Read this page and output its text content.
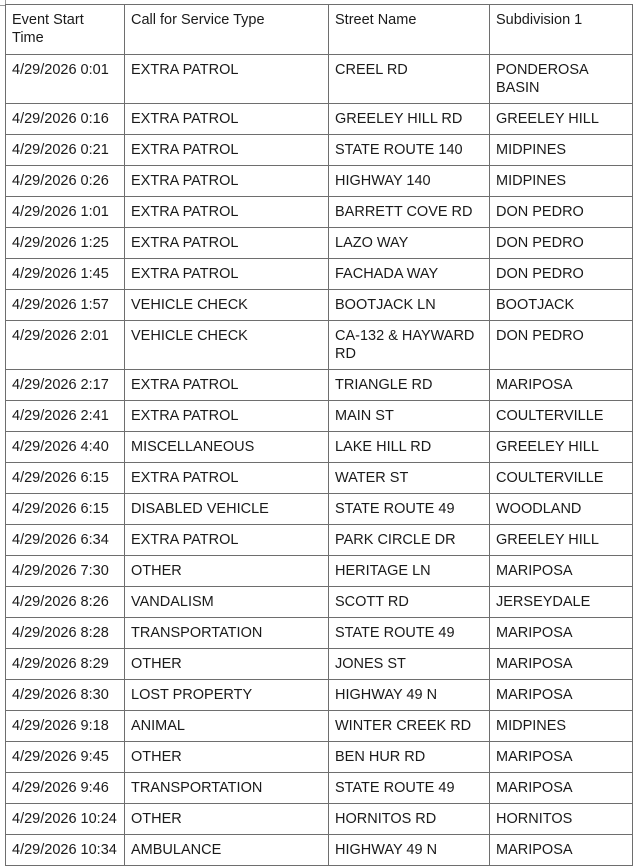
Event Start Time	Call for Service Type	Street Name	Subdivision 1
4/29/2026 0:01	EXTRA PATROL	CREEL RD	PONDEROSA BASIN
4/29/2026 0:16	EXTRA PATROL	GREELEY HILL RD	GREELEY HILL
4/29/2026 0:21	EXTRA PATROL	STATE ROUTE 140	MIDPINES
4/29/2026 0:26	EXTRA PATROL	HIGHWAY 140	MIDPINES
4/29/2026 1:01	EXTRA PATROL	BARRETT COVE RD	DON PEDRO
4/29/2026 1:25	EXTRA PATROL	LAZO WAY	DON PEDRO
4/29/2026 1:45	EXTRA PATROL	FACHADA WAY	DON PEDRO
4/29/2026 1:57	VEHICLE CHECK	BOOTJACK LN	BOOTJACK
4/29/2026 2:01	VEHICLE CHECK	CA-132 & HAYWARD RD	DON PEDRO
4/29/2026 2:17	EXTRA PATROL	TRIANGLE RD	MARIPOSA
4/29/2026 2:41	EXTRA PATROL	MAIN ST	COULTERVILLE
4/29/2026 4:40	MISCELLANEOUS	LAKE HILL RD	GREELEY HILL
4/29/2026 6:15	EXTRA PATROL	WATER ST	COULTERVILLE
4/29/2026 6:15	DISABLED VEHICLE	STATE ROUTE 49	WOODLAND
4/29/2026 6:34	EXTRA PATROL	PARK CIRCLE DR	GREELEY HILL
4/29/2026 7:30	OTHER	HERITAGE LN	MARIPOSA
4/29/2026 8:26	VANDALISM	SCOTT RD	JERSEYDALE
4/29/2026 8:28	TRANSPORTATION	STATE ROUTE 49	MARIPOSA
4/29/2026 8:29	OTHER	JONES ST	MARIPOSA
4/29/2026 8:30	LOST PROPERTY	HIGHWAY 49 N	MARIPOSA
4/29/2026 9:18	ANIMAL	WINTER CREEK RD	MIDPINES
4/29/2026 9:45	OTHER	BEN HUR RD	MARIPOSA
4/29/2026 9:46	TRANSPORTATION	STATE ROUTE 49	MARIPOSA
4/29/2026 10:24	OTHER	HORNITOS RD	HORNITOS
4/29/2026 10:34	AMBULANCE	HIGHWAY 49 N	MARIPOSA
